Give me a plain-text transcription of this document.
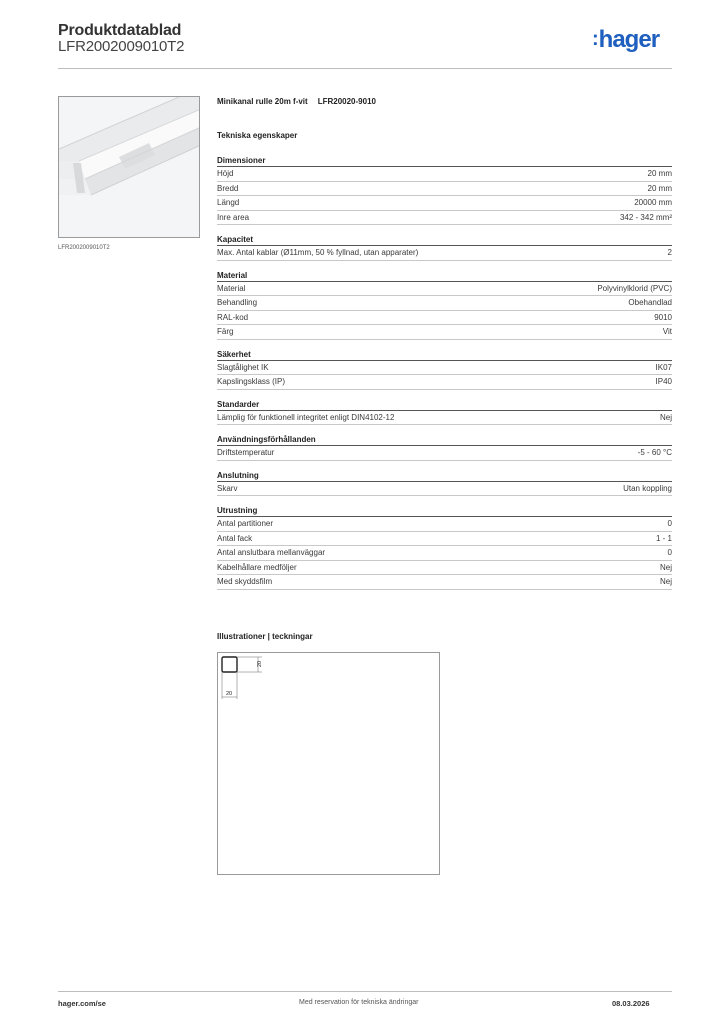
Produktdatablad
LFR2002009010T2	:hager
LFR2002009010T2
Minikanal rulle 20m f-vit LFR20020-9010
Tekniska egenskaper
Dimensioner
Höjd	20 mm
Bredd	20 mm
Längd	20000 mm
Inre area	342 - 342 mm²
Kapacitet
Max. Antal kablar (Ø11mm, 50 % fyllnad, utan apparater)	2
Material
Material	Polyvinylklorid (PVC)
Behandling	Obehandlad
RAL-kod	9010
Färg	Vit
Säkerhet
Slagtålighet IK	IK07
Kapslingsklass (IP)	IP40
Standarder
Lämplig för funktionell integritet enligt DIN4102-12	Nej
Användningsförhållanden
Driftstemperatur	-5 - 60 °C
Anslutning
Skarv	Utan koppling
Utrustning
Antal partitioner	0
Antal fack	1 - 1
Antal anslutbara mellanväggar	0
Kabelhållare medföljer	Nej
Med skyddsfilm	Nej
Illustrationer | teckningar
20
20
hager.com/se	Med reservation för tekniska ändringar	08.03.2026
